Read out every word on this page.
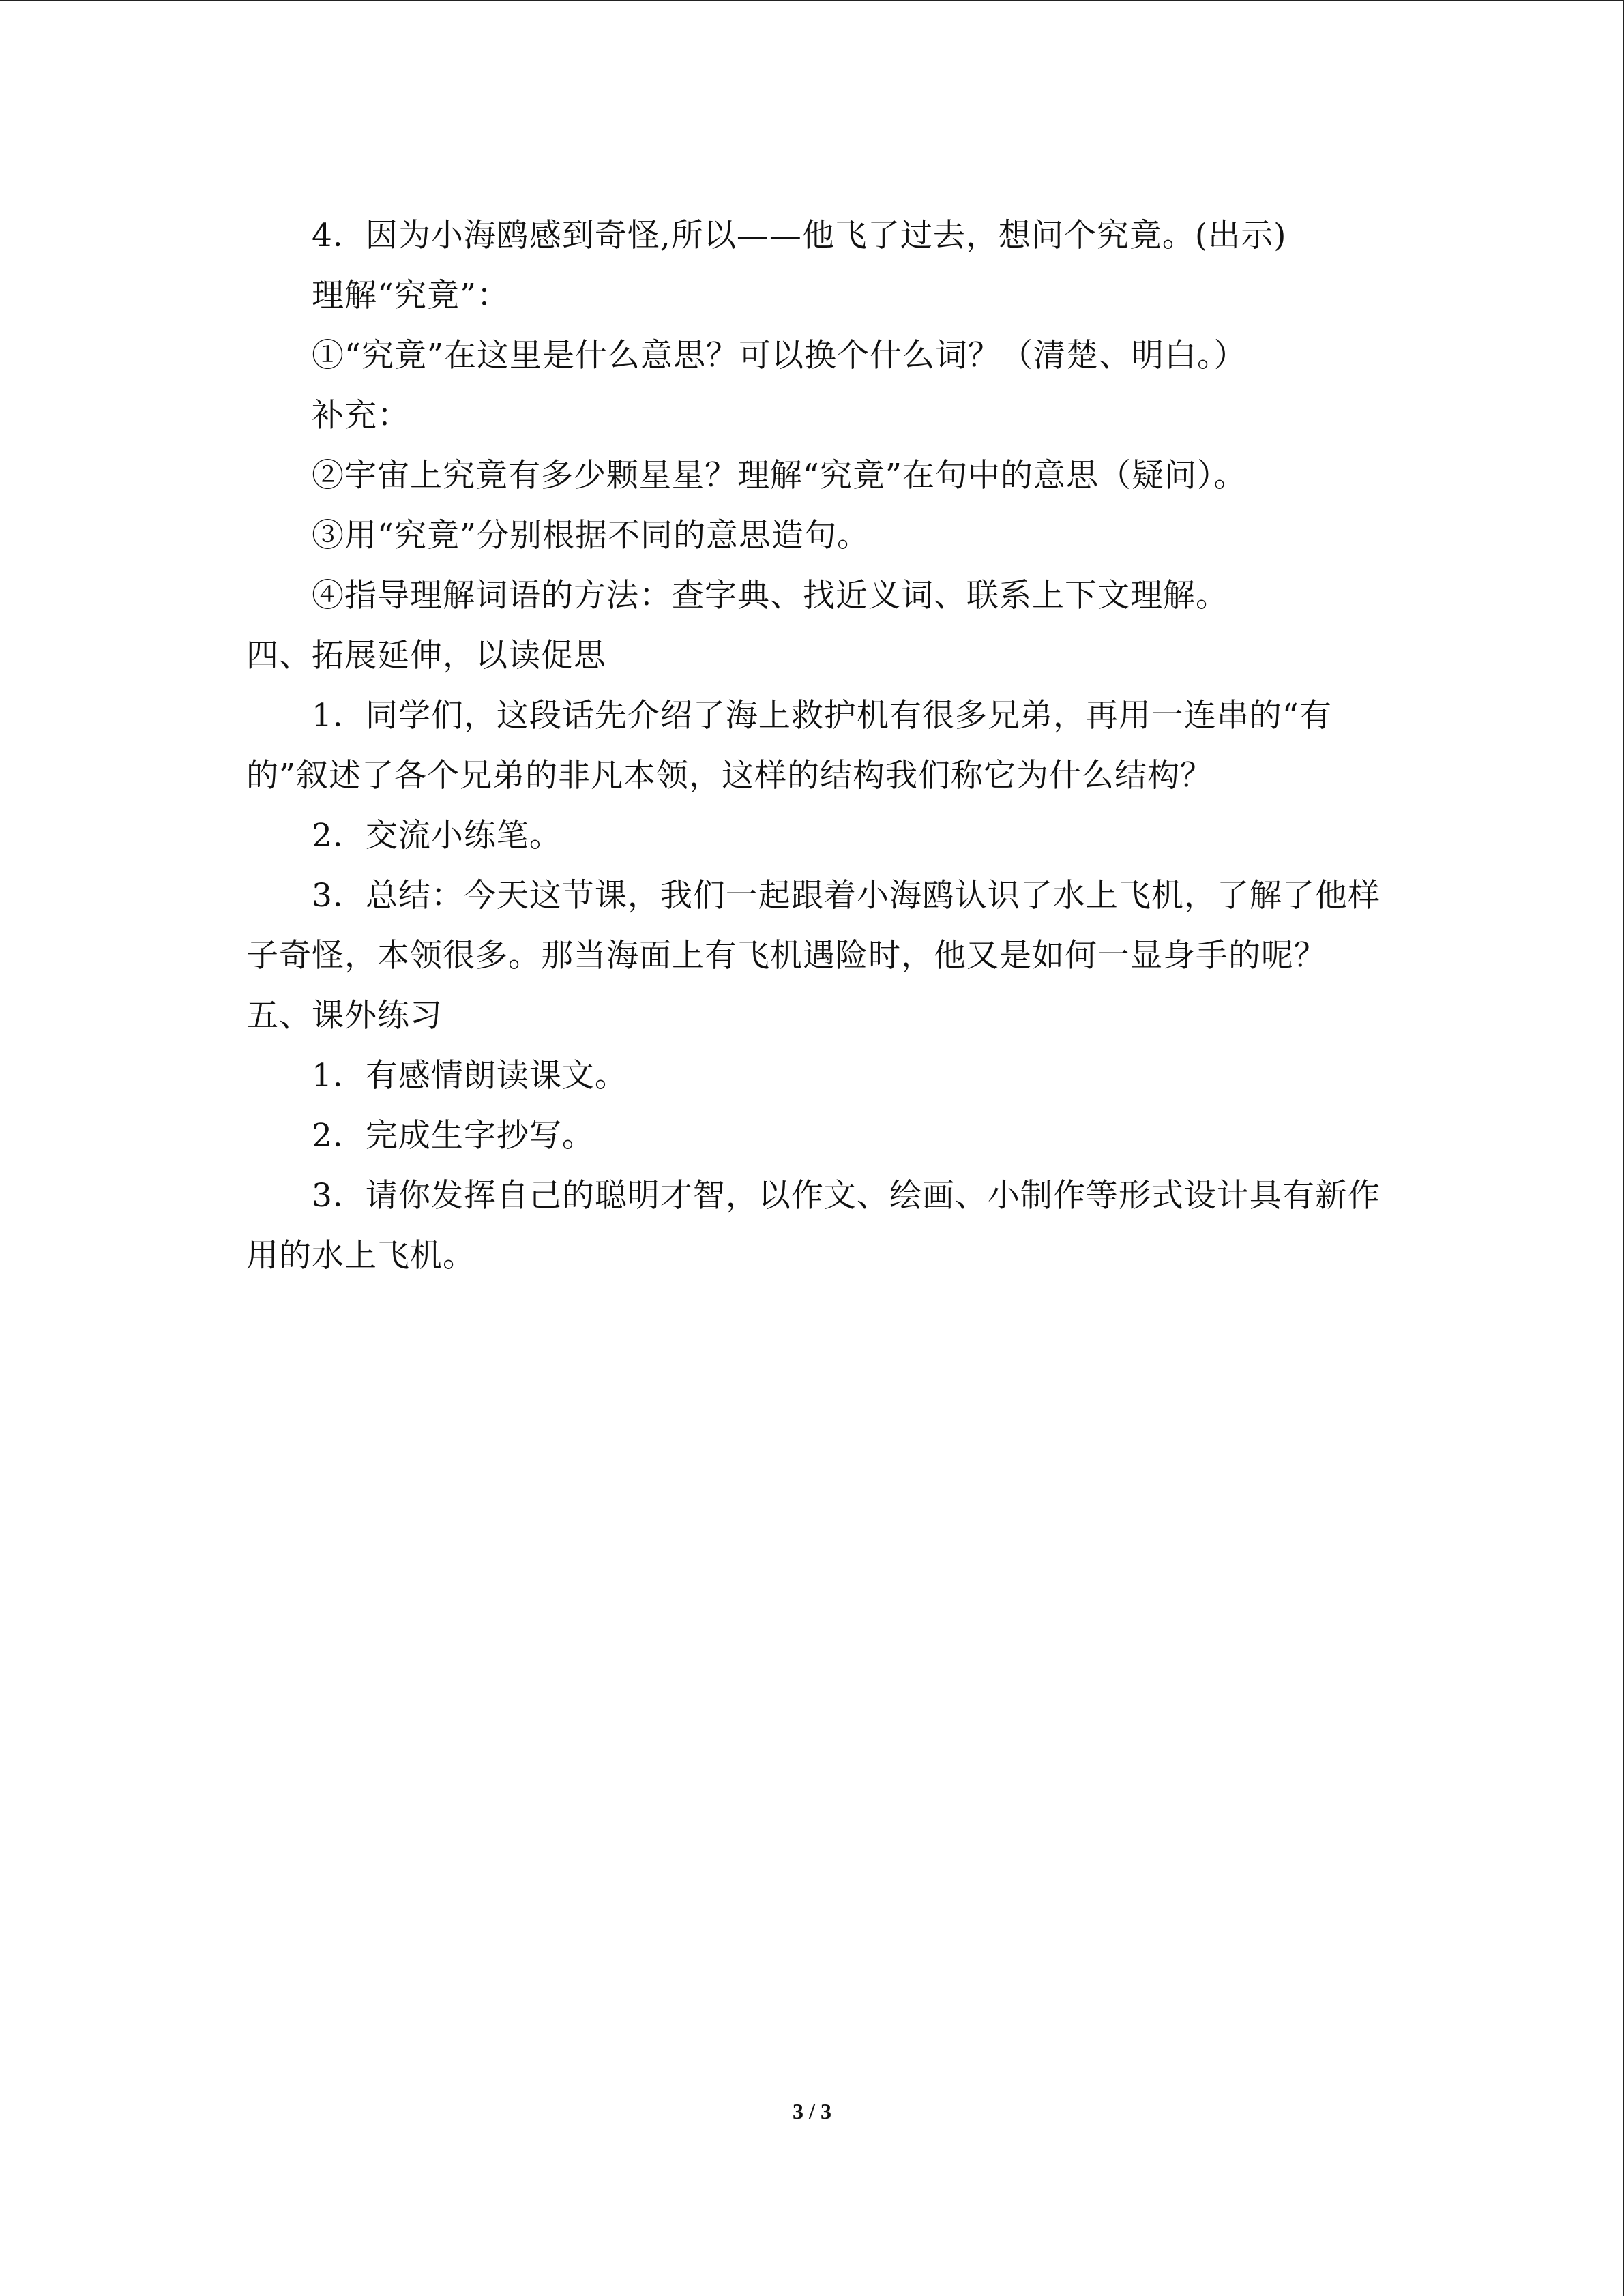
4．因为小海鸥感到奇怪,所以——他飞了过去，想问个究竟。(出示)
理解“究竟”：
①“究竟”在这里是什么意思？可以换个什么词？（清楚、明白。）
补充：
②宇宙上究竟有多少颗星星？理解“究竟”在句中的意思（疑问）。
③用“究竟”分别根据不同的意思造句。
④指导理解词语的方法：查字典、找近义词、联系上下文理解。
四、拓展延伸，以读促思
1．同学们，这段话先介绍了海上救护机有很多兄弟，再用一连串的“有
的”叙述了各个兄弟的非凡本领，这样的结构我们称它为什么结构？
2．交流小练笔。
3．总结：今天这节课，我们一起跟着小海鸥认识了水上飞机，了解了他样
子奇怪，本领很多。那当海面上有飞机遇险时，他又是如何一显身手的呢？
五、课外练习
1．有感情朗读课文。
2．完成生字抄写。
3．请你发挥自己的聪明才智，以作文、绘画、小制作等形式设计具有新作
用的水上飞机。
3 / 3
